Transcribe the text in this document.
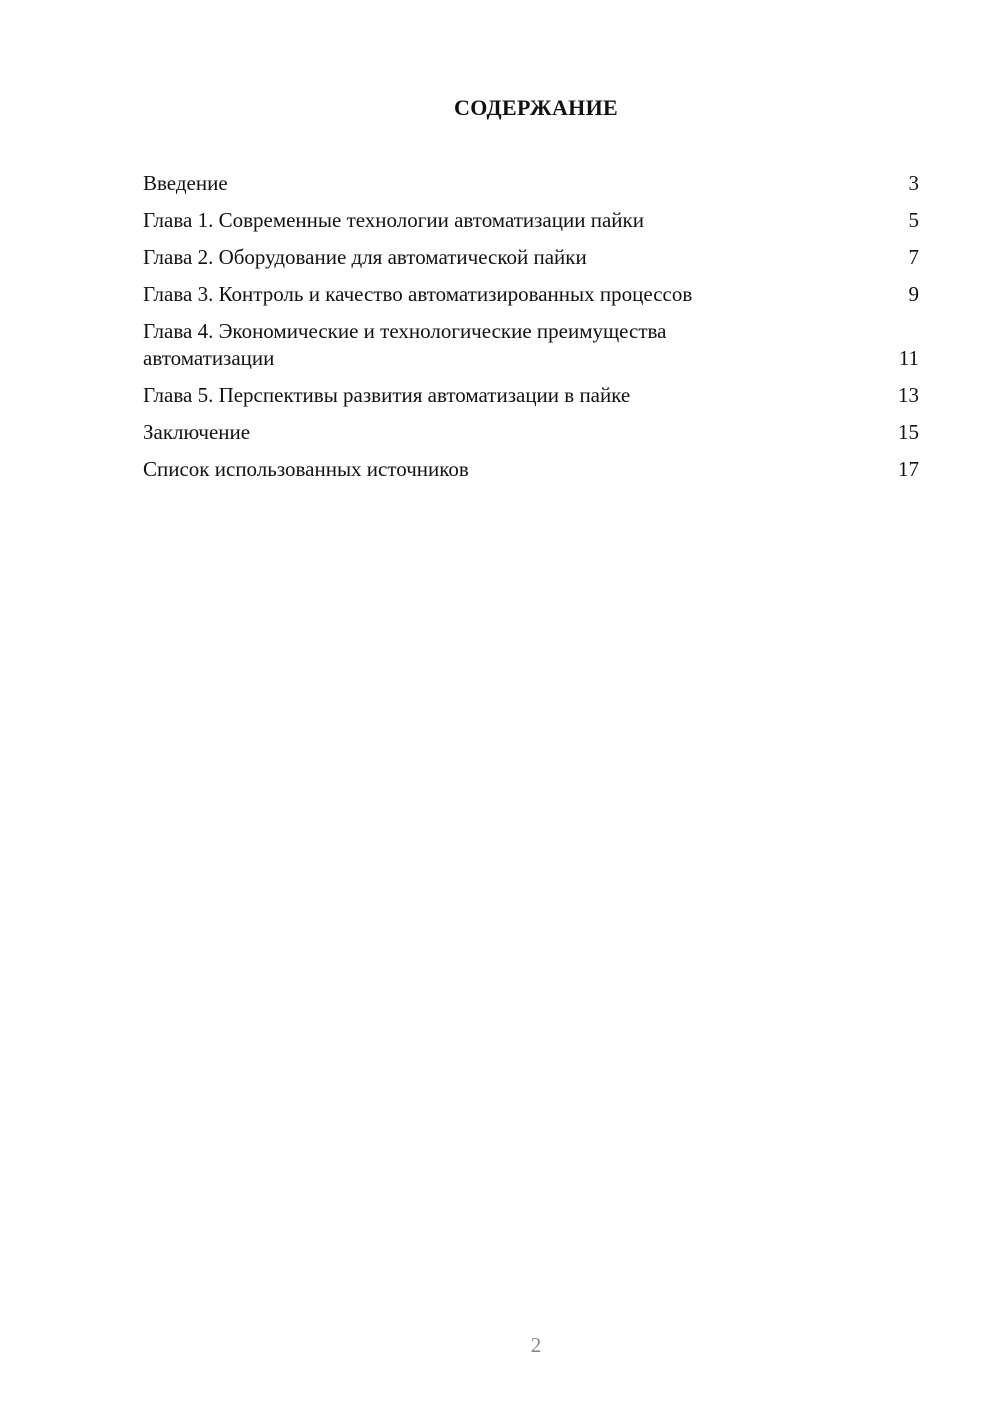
СОДЕРЖАНИЕ
Введение	3
Глава 1. Современные технологии автоматизации пайки	5
Глава 2. Оборудование для автоматической пайки	7
Глава 3. Контроль и качество автоматизированных процессов	9
Глава 4. Экономические и технологические преимущества автоматизации	11
Глава 5. Перспективы развития автоматизации в пайке	13
Заключение	15
Список использованных источников	17
2
